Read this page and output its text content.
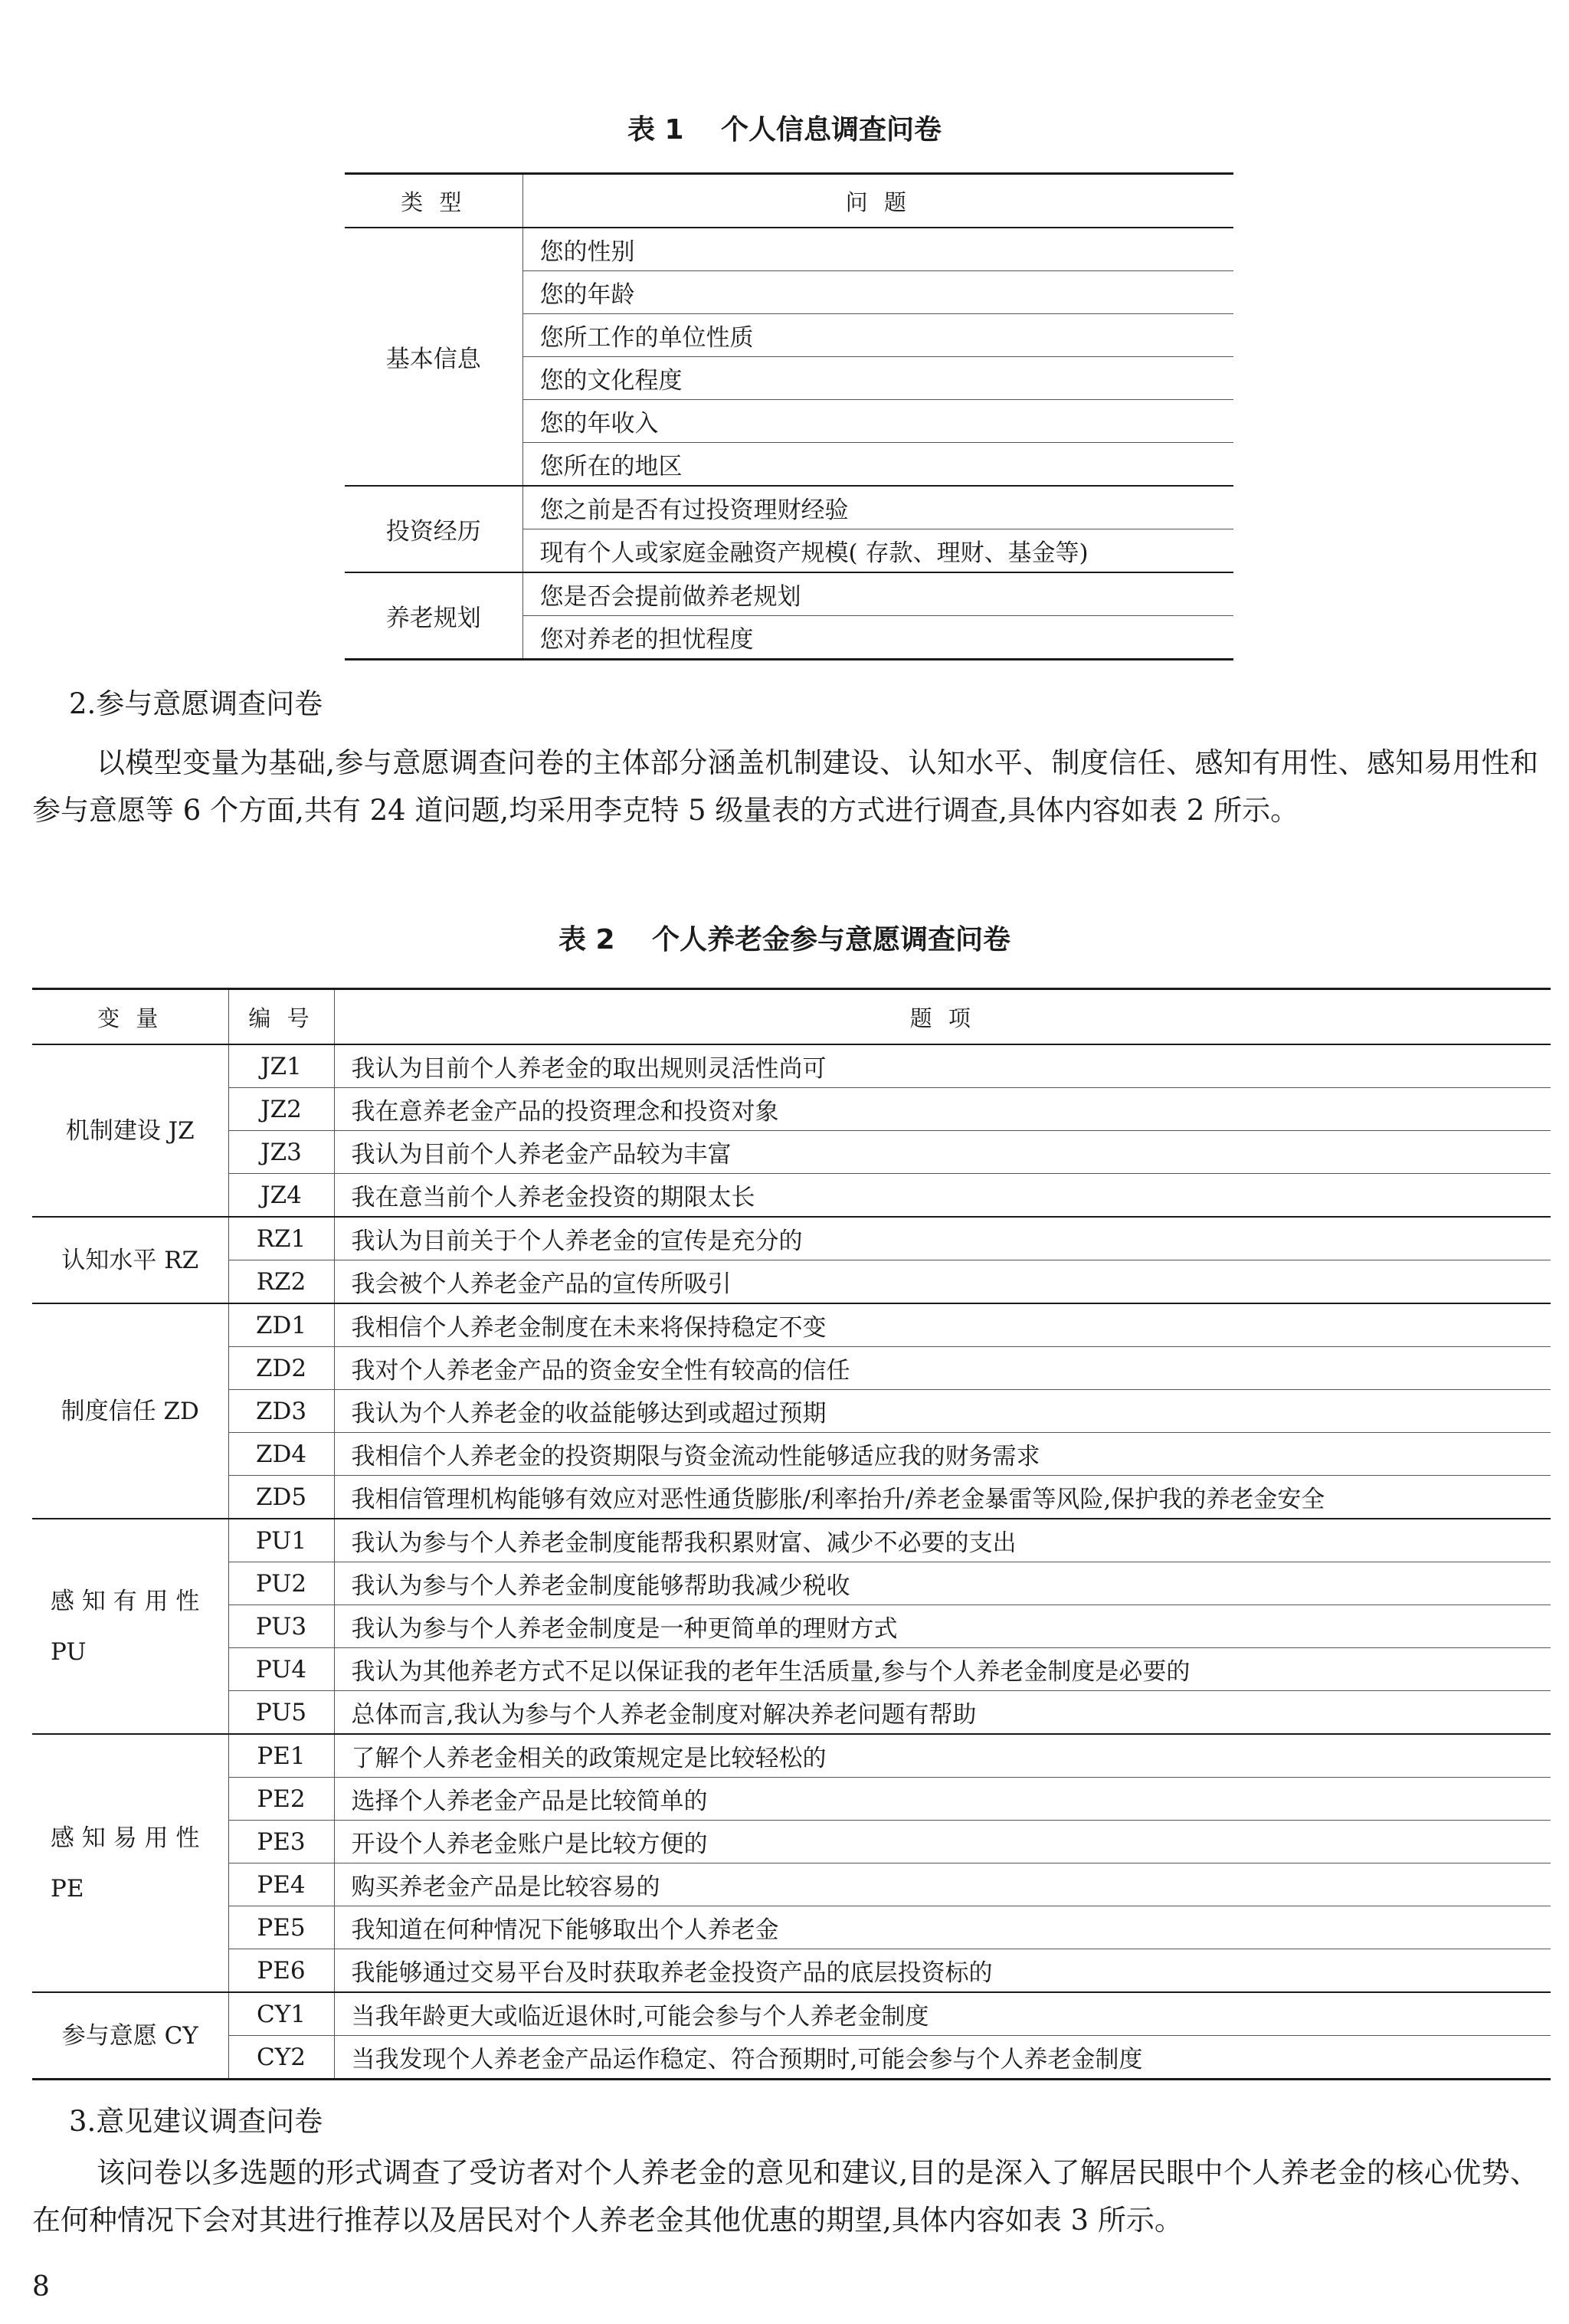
表 1　 个人信息调查问卷
类 型	问 题
基本信息	您的性别
	您的年龄
	您所工作的单位性质
	您的文化程度
	您的年收入
	您所在的地区
投资经历	您之前是否有过投资理财经验
	现有个人或家庭金融资产规模( 存款、理财、基金等)
养老规划	您是否会提前做养老规划
	您对养老的担忧程度
2.参与意愿调查问卷
以模型变量为基础,参与意愿调查问卷的主体部分涵盖机制建设、认知水平、制度信任、感知有用性、感知易用性和参与意愿等 6 个方面,共有 24 道问题,均采用李克特 5 级量表的方式进行调查,具体内容如表 2 所示。
表 2　 个人养老金参与意愿调查问卷
变 量	编 号	题 项
机制建设 JZ	JZ1	我认为目前个人养老金的取出规则灵活性尚可
	JZ2	我在意养老金产品的投资理念和投资对象
	JZ3	我认为目前个人养老金产品较为丰富
	JZ4	我在意当前个人养老金投资的期限太长
认知水平 RZ	RZ1	我认为目前关于个人养老金的宣传是充分的
	RZ2	我会被个人养老金产品的宣传所吸引
制度信任 ZD	ZD1	我相信个人养老金制度在未来将保持稳定不变
	ZD2	我对个人养老金产品的资金安全性有较高的信任
	ZD3	我认为个人养老金的收益能够达到或超过预期
	ZD4	我相信个人养老金的投资期限与资金流动性能够适应我的财务需求
	ZD5	我相信管理机构能够有效应对恶性通货膨胀/利率抬升/养老金暴雷等风险,保护我的养老金安全
感 知 有 用 性 PU	PU1	我认为参与个人养老金制度能帮我积累财富、减少不必要的支出
	PU2	我认为参与个人养老金制度能够帮助我减少税收
	PU3	我认为参与个人养老金制度是一种更简单的理财方式
	PU4	我认为其他养老方式不足以保证我的老年生活质量,参与个人养老金制度是必要的
	PU5	总体而言,我认为参与个人养老金制度对解决养老问题有帮助
感 知 易 用 性 PE	PE1	了解个人养老金相关的政策规定是比较轻松的
	PE2	选择个人养老金产品是比较简单的
	PE3	开设个人养老金账户是比较方便的
	PE4	购买养老金产品是比较容易的
	PE5	我知道在何种情况下能够取出个人养老金
	PE6	我能够通过交易平台及时获取养老金投资产品的底层投资标的
参与意愿 CY	CY1	当我年龄更大或临近退休时,可能会参与个人养老金制度
	CY2	当我发现个人养老金产品运作稳定、符合预期时,可能会参与个人养老金制度
3.意见建议调查问卷
该问卷以多选题的形式调查了受访者对个人养老金的意见和建议,目的是深入了解居民眼中个人养老金的核心优势、在何种情况下会对其进行推荐以及居民对个人养老金其他优惠的期望,具体内容如表 3 所示。
8
